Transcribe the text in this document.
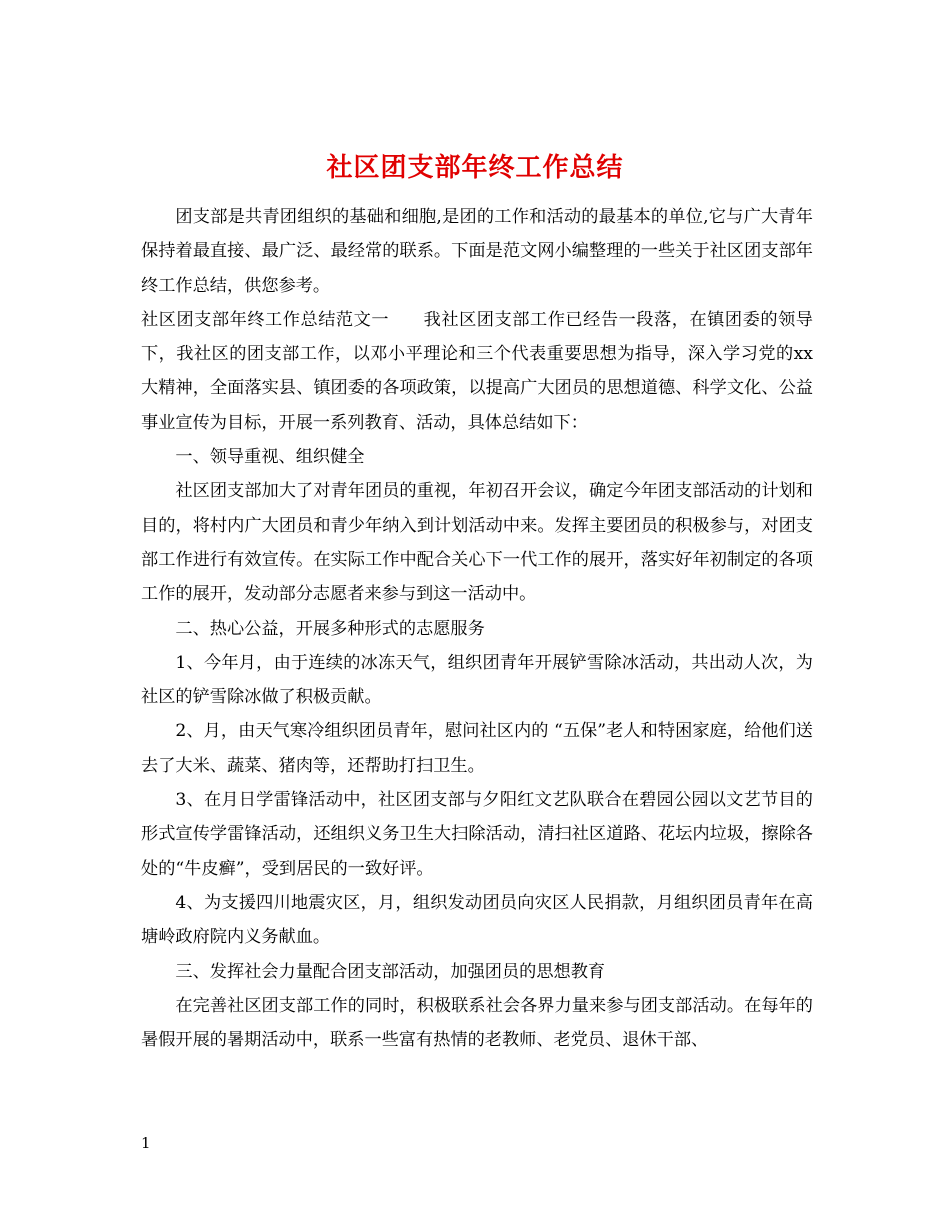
社区团支部年终工作总结

团支部是共青团组织的基础和细胞,是团的工作和活动的最基本的单位,它与广大青年保持着最直接、最广泛、最经常的联系。下面是范文网小编整理的一些关于社区团支部年终工作总结，供您参考。

社区团支部年终工作总结范文一 我社区团支部工作已经告一段落，在镇团委的领导下，我社区的团支部工作，以邓小平理论和三个代表重要思想为指导，深入学习党的xx大精神，全面落实县、镇团委的各项政策，以提高广大团员的思想道德、科学文化、公益事业宣传为目标，开展一系列教育、活动，具体总结如下：

一、领导重视、组织健全

社区团支部加大了对青年团员的重视，年初召开会议，确定今年团支部活动的计划和目的，将村内广大团员和青少年纳入到计划活动中来。发挥主要团员的积极参与，对团支部工作进行有效宣传。在实际工作中配合关心下一代工作的展开，落实好年初制定的各项工作的展开，发动部分志愿者来参与到这一活动中。

二、热心公益，开展多种形式的志愿服务

1、今年月，由于连续的冰冻天气，组织团青年开展铲雪除冰活动，共出动人次，为社区的铲雪除冰做了积极贡献。

2、月，由天气寒冷组织团员青年，慰问社区内的 “五保”老人和特困家庭，给他们送去了大米、蔬菜、猪肉等，还帮助打扫卫生。

3、在月日学雷锋活动中，社区团支部与夕阳红文艺队联合在碧园公园以文艺节目的形式宣传学雷锋活动，还组织义务卫生大扫除活动，清扫社区道路、花坛内垃圾，擦除各处的“牛皮癣”，受到居民的一致好评。

4、为支援四川地震灾区，月，组织发动团员向灾区人民捐款，月组织团员青年在高塘岭政府院内义务献血。

三、发挥社会力量配合团支部活动，加强团员的思想教育

在完善社区团支部工作的同时，积极联系社会各界力量来参与团支部活动。在每年的暑假开展的暑期活动中，联系一些富有热情的老教师、老党员、退休干部、

1
